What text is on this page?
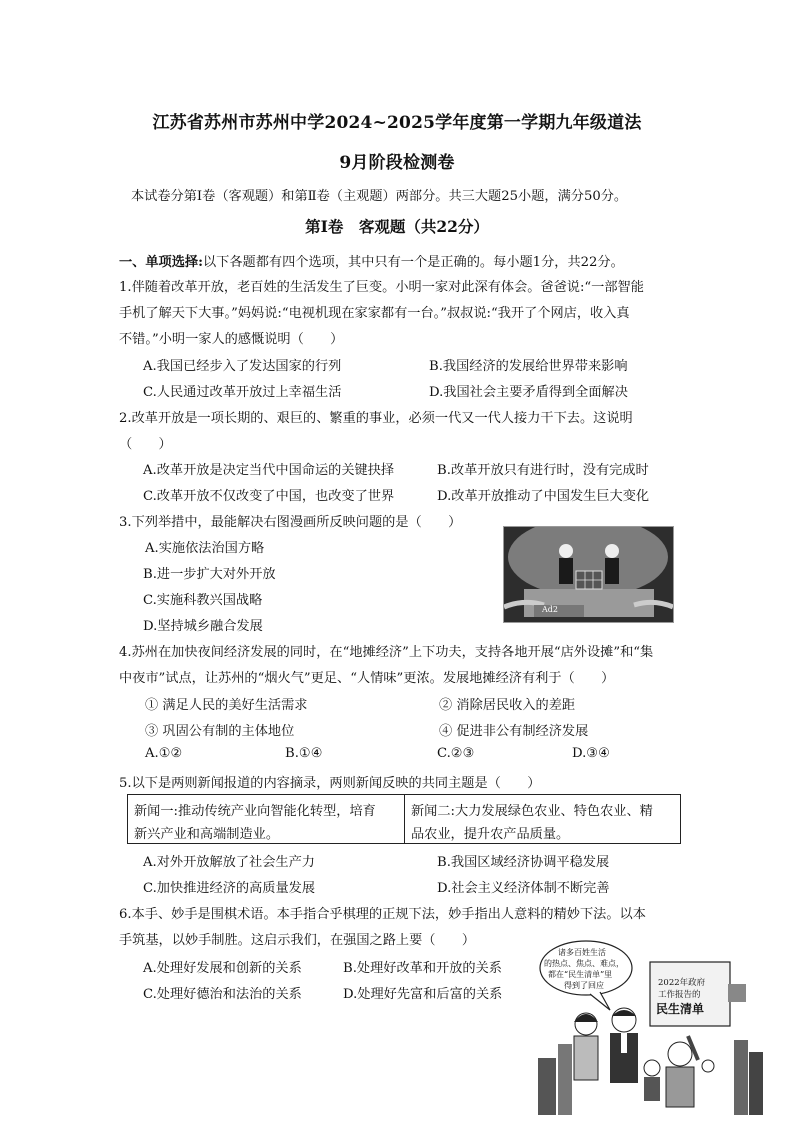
江苏省苏州市苏州中学2024~2025学年度第一学期九年级道法
9月阶段检测卷
本试卷分第Ⅰ卷（客观题）和第Ⅱ卷（主观题）两部分。共三大题25小题，满分50分。
第Ⅰ卷　客观题（共22分）
一、单项选择:以下各题都有四个选项，其中只有一个是正确的。每小题1分，共22分。
1.伴随着改革开放，老百姓的生活发生了巨变。小明一家对此深有体会。爸爸说:“一部智能
手机了解天下大事。”妈妈说:“电视机现在家家都有一台。”叔叔说:“我开了个网店，收入真
不错。”小明一家人的感慨说明（　　）
A.我国已经步入了发达国家的行列	B.我国经济的发展给世界带来影响
C.人民通过改革开放过上幸福生活	D.我国社会主要矛盾得到全面解决
2.改革开放是一项长期的、艰巨的、繁重的事业，必须一代又一代人接力干下去。这说明
（　　）
A.改革开放是决定当代中国命运的关键抉择	B.改革开放只有进行时，没有完成时
C.改革开放不仅改变了中国，也改变了世界	D.改革开放推动了中国发生巨大变化
3.下列举措中，最能解决右图漫画所反映问题的是（　　）
A.实施依法治国方略
B.进一步扩大对外开放
C.实施科教兴国战略
D.坚持城乡融合发展
Ad2
4.苏州在加快夜间经济发展的同时，在“地摊经济”上下功夫，支持各地开展“店外设摊”和“集
中夜市”试点，让苏州的“烟火气”更足、“人情味”更浓。发展地摊经济有利于（　　）
① 满足人民的美好生活需求	② 消除居民收入的差距
③ 巩固公有制的主体地位	④ 促进非公有制经济发展
A.①②	B.①④	C.②③	D.③④
5.以下是两则新闻报道的内容摘录，两则新闻反映的共同主题是（　　）
新闻一:推动传统产业向智能化转型，培育
新兴产业和高端制造业。
新闻二:大力发展绿色农业、特色农业、精
品农业，提升农产品质量。
A.对外开放解放了社会生产力	B.我国区域经济协调平稳发展
C.加快推进经济的高质量发展	D.社会主义经济体制不断完善
6.本手、妙手是围棋术语。本手指合乎棋理的正规下法，妙手指出人意料的精妙下法。以本
手筑基，以妙手制胜。这启示我们，在强国之路上要（　　）
A.处理好发展和创新的关系	B.处理好改革和开放的关系
C.处理好德治和法治的关系	D.处理好先富和后富的关系
诸多百姓生活
的热点、焦点、难点，
都在“民生清单”里
得到了回应	2022年政府
工作报告的
民生清单
